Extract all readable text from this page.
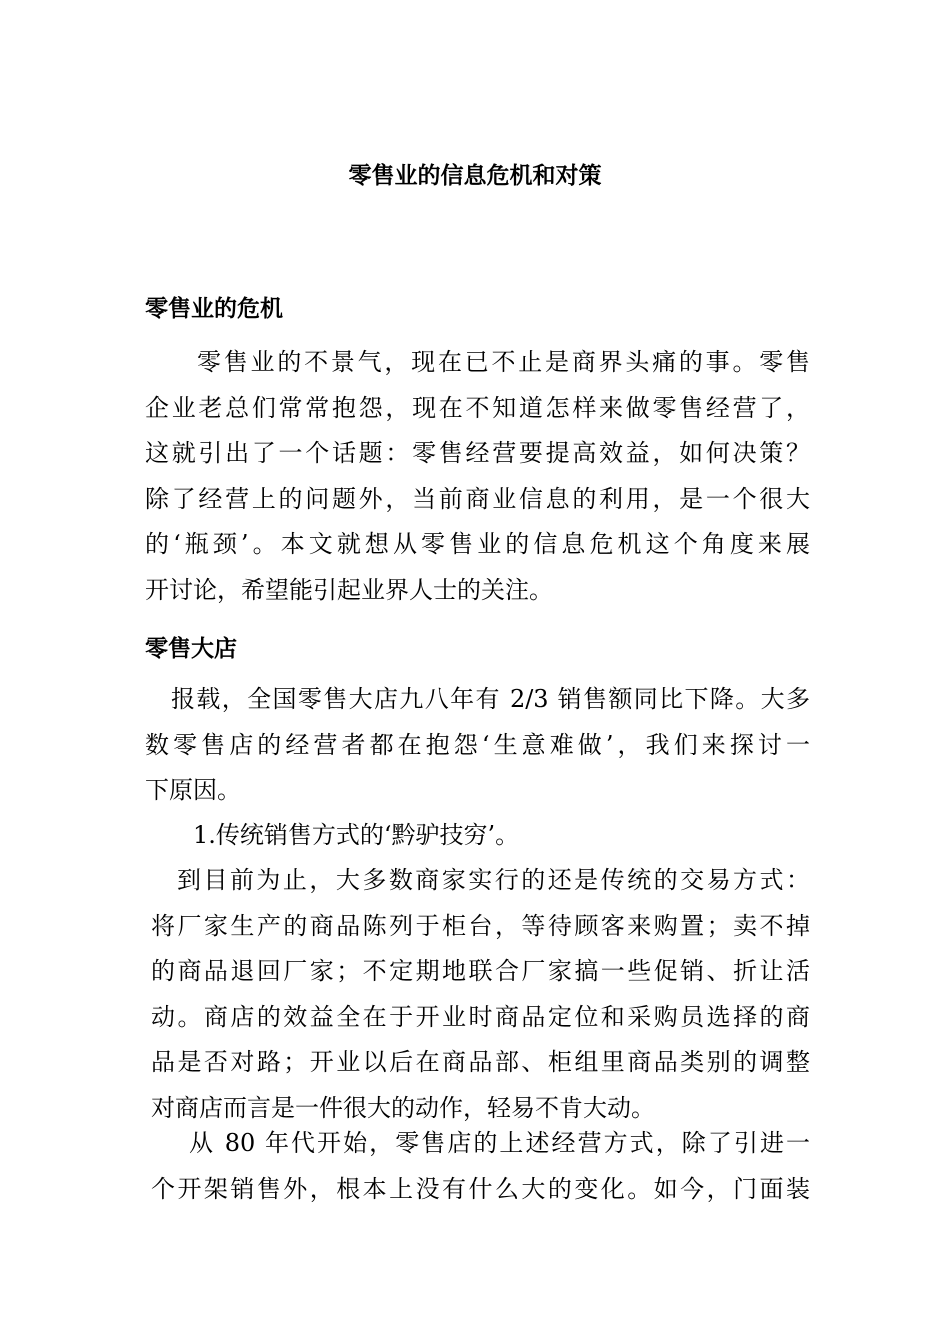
零售业的信息危机和对策
零售业的危机
零售业的不景气，现在已不止是商界头痛的事。零售
企业老总们常常抱怨，现在不知道怎样来做零售经营了，
这就引出了一个话题：零售经营要提高效益，如何决策？
除了经营上的问题外，当前商业信息的利用，是一个很大
的‘瓶颈’。本文就想从零售业的信息危机这个角度来展
开讨论，希望能引起业界人士的关注。
零售大店
报载，全国零售大店九八年有 2/3 销售额同比下降。大多
数零售店的经营者都在抱怨‘生意难做’，我们来探讨一
下原因。
1.传统销售方式的‘黔驴技穷’。
到目前为止，大多数商家实行的还是传统的交易方式：
将厂家生产的商品陈列于柜台，等待顾客来购置；卖不掉
的商品退回厂家；不定期地联合厂家搞一些促销、折让活
动。商店的效益全在于开业时商品定位和采购员选择的商
品是否对路；开业以后在商品部、柜组里商品类别的调整
对商店而言是一件很大的动作，轻易不肯大动。
从 80 年代开始，零售店的上述经营方式，除了引进一
个开架销售外，根本上没有什么大的变化。如今，门面装
